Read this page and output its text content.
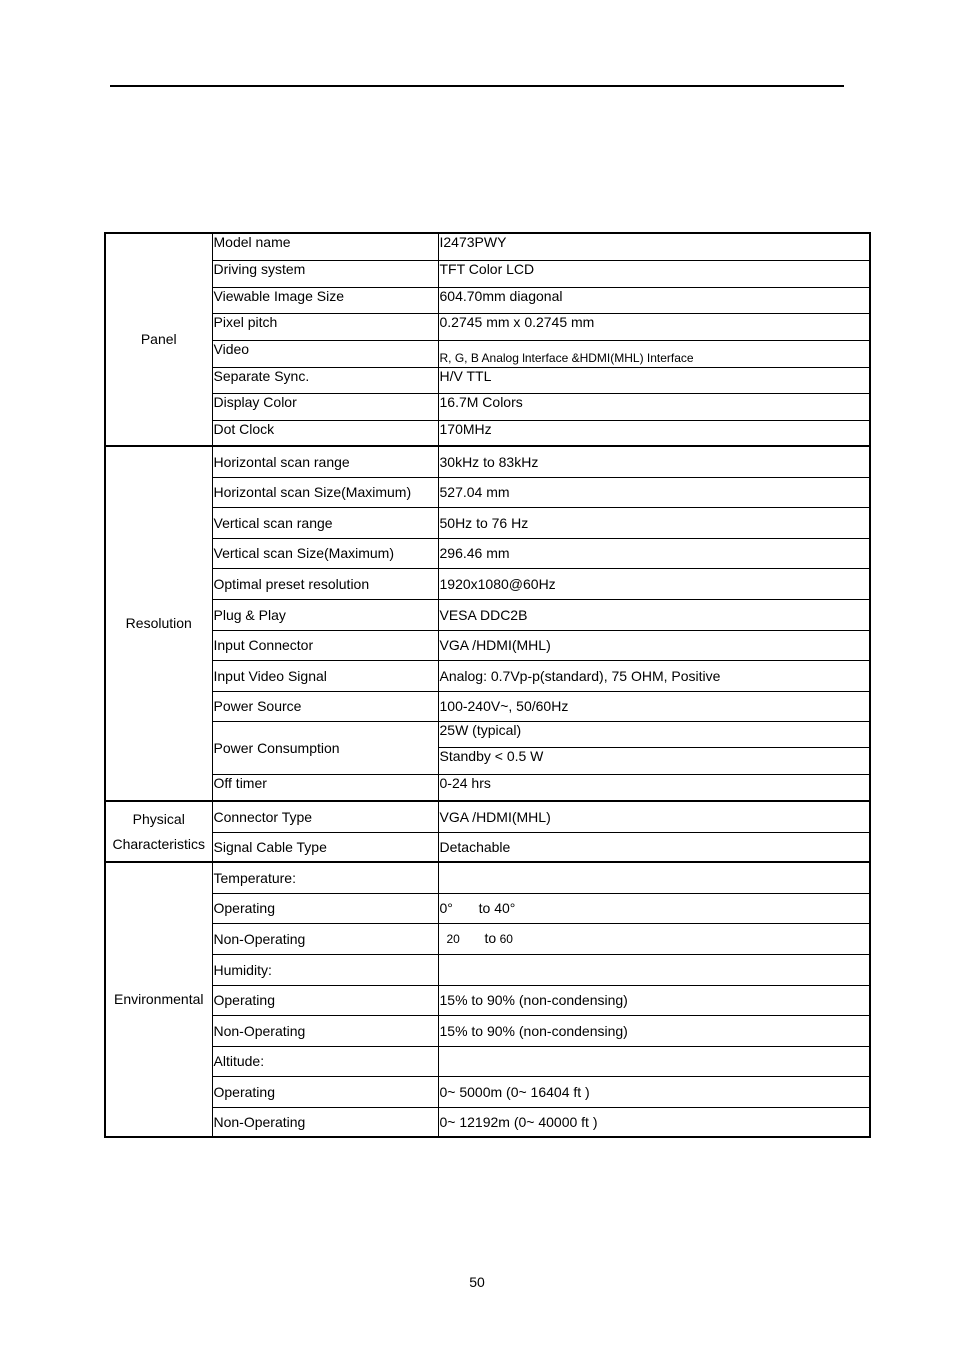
Panel	Model name	I2473PWY
	Driving system	TFT Color LCD
	Viewable Image Size	604.70mm diagonal
	Pixel pitch	0.2745 mm x 0.2745 mm
	Video	R, G, B Analog lnterface &HDMI(MHL) Interface
	Separate Sync.	H/V TTL
	Display Color	16.7M Colors
	Dot Clock	170MHz
Resolution	Horizontal scan range	30kHz to 83kHz
	Horizontal scan Size(Maximum)	527.04 mm
	Vertical scan range	50Hz to 76 Hz
	Vertical scan Size(Maximum)	296.46 mm
	Optimal preset resolution	1920x1080@60Hz
	Plug & Play	VESA DDC2B
	Input Connector	VGA /HDMI(MHL)
	Input Video Signal	Analog: 0.7Vp-p(standard), 75 OHM, Positive
	Power Source	100-240V~, 50/60Hz
	Power Consumption	25W (typical)
		Standby < 0.5 W
	Off timer	0-24 hrs
Physical
Characteristics	Connector Type	VGA /HDMI(MHL)
	Signal Cable Type	Detachable
Environmental	Temperature:	
	Operating	0° to 40°
	Non-Operating	20 to 60
	Humidity:	
	Operating	15% to 90% (non-condensing)
	Non-Operating	15% to 90% (non-condensing)
	Altitude:	
	Operating	0~ 5000m (0~ 16404 ft )
	Non-Operating	0~ 12192m (0~ 40000 ft )
50
